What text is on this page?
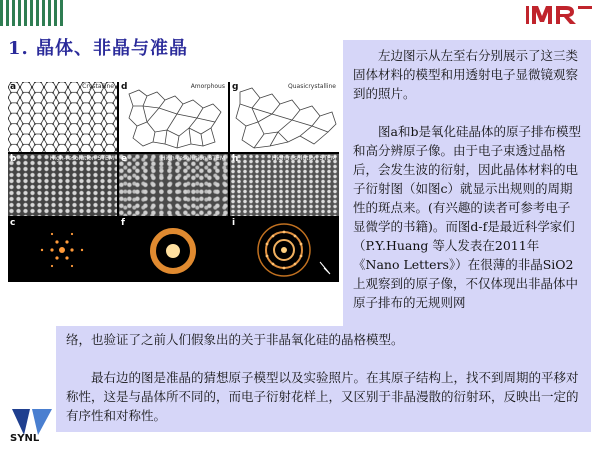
1. 晶体、非晶与准晶
a	Crystalline d	Amorphous g	Quasicrystalline
b	High-resolution STEM e	High-resolution STEM h	High-resolution STEM
c	f	i

左边图示从左至右分别展示了这三类固体材料的模型和用透射电子显微镜观察到的照片。

图a和b是氧化硅晶体的原子排布模型和高分辨原子像。由于电子束透过晶格后，会发生波的衍射，因此晶体材料的电子衍射图（如图c）就显示出规则的周期性的斑点来。(有兴趣的读者可参考电子显微学的书籍)。而图d-f是最近科学家们（P.Y.Huang 等人发表在2011年《Nano Letters》）在很薄的非晶SiO2上观察到的原子像，不仅体现出非晶体中原子排布的无规则网

络，也验证了之前人们假象出的关于非晶氧化硅的晶格模型。

最右边的图是准晶的猜想原子模型以及实验照片。在其原子结构上，找不到周期的平移对称性，这是与晶体所不同的，而电子衍射花样上，又区别于非晶漫散的衍射环，反映出一定的有序性和对称性。

SYNL
